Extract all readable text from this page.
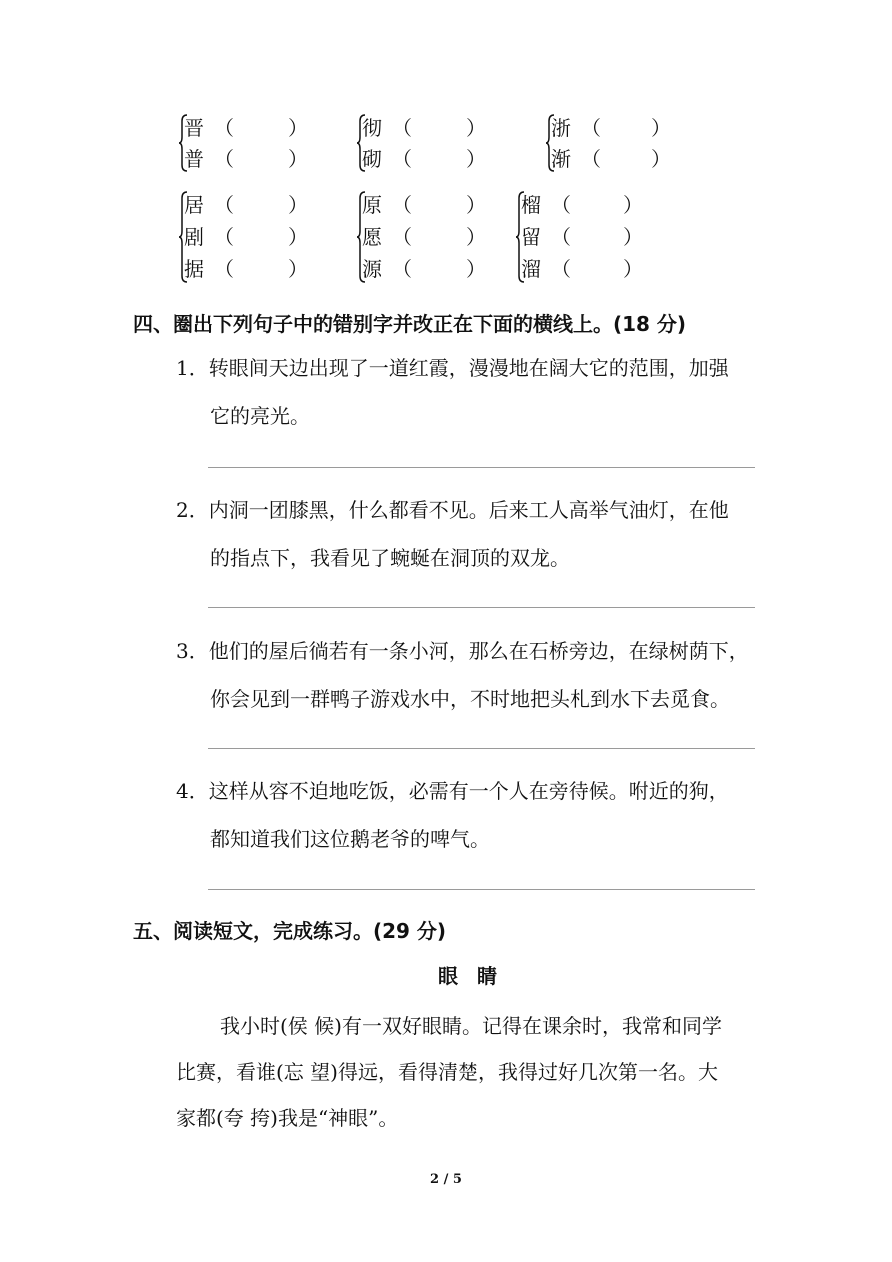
晋 （	）
普 （	）
彻 （	）
砌 （	）
浙 （	）
渐 （	）
居 （	）
剧 （	）
据 （	）
原 （	）
愿 （	）
源 （	）
榴 （	）
留 （	）
溜 （	）
四、圈出下列句子中的错别字并改正在下面的横线上。(18 分)
1．转眼间天边出现了一道红霞，漫漫地在阔大它的范围，加强
它的亮光。
2．内洞一团膝黑，什么都看不见。后来工人高举气油灯，在他
的指点下，我看见了蜿蜒在洞顶的双龙。
3．他们的屋后徜若有一条小河，那么在石桥旁边，在绿树荫下，
你会见到一群鸭子游戏水中，不时地把头札到水下去觅食。
4．这样从容不迫地吃饭，必需有一个人在旁待候。咐近的狗，
都知道我们这位鹅老爷的啤气。
五、阅读短文，完成练习。(29 分)
眼 睛
我小时(侯 候)有一双好眼睛。记得在课余时，我常和同学
比赛，看谁(忘 望)得远，看得清楚，我得过好几次第一名。大
家都(夸 挎)我是“神眼”。
2 / 5
